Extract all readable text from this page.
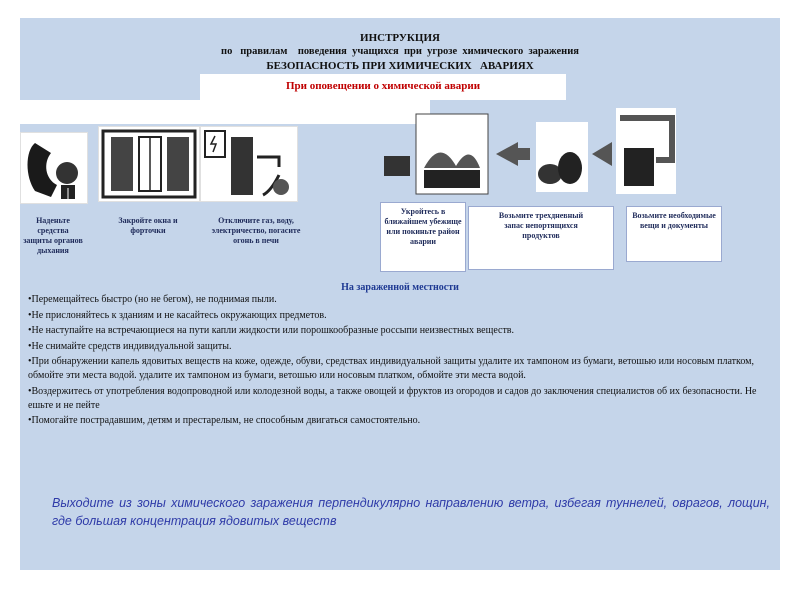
ИНСТРУКЦИЯ
по   правилам    поведения  учащихся  при  угрозе  химического  заражения
БЕЗОПАСНОСТЬ ПРИ ХИМИЧЕСКИХ   АВАРИЯХ
При оповещении о химической аварии
Наденьте средства защиты органов дыхания
Закройте окна и форточки
Отключите газ, воду, электричество, погасите огонь в печи
Укройтесь в ближайшем убежище или покиньте район аварии
Возьмите трехдневный запас непортящихся продуктов
Возьмите необходимые вещи и документы
На зараженной местности
• Перемещайтесь быстро (но не бегом), не поднимая пыли.
• Не прислоняйтесь к зданиям и не касайтесь окружающих предметов.
• Не наступайте на встречающиеся на пути капли жидкости или порошкообразные россыпи неизвестных веществ.
• Не снимайте средств индивидуальной защиты.
• При обнаружении капель ядовитых веществ на коже, одежде, обуви, средствах индивидуальной защиты удалите их тампоном из бумаги, ветошью или носовым платком, обмойте эти места водой. удалите их тампоном из бумаги, ветошью или носовым платком, обмойте эти места водой.
• Воздержитесь от употребления водопроводной или колодезной воды, а также овощей и фруктов из огородов и садов до заключения специалистов об их безопасности. Не ешьте и не пейте
• Помогайте пострадавшим, детям и престарелым, не способным двигаться самостоятельно.
Выходите из зоны химического заражения перпендикулярно направлению ветра, избегая туннелей, оврагов, лощин, где большая концентрация ядовитых веществ
